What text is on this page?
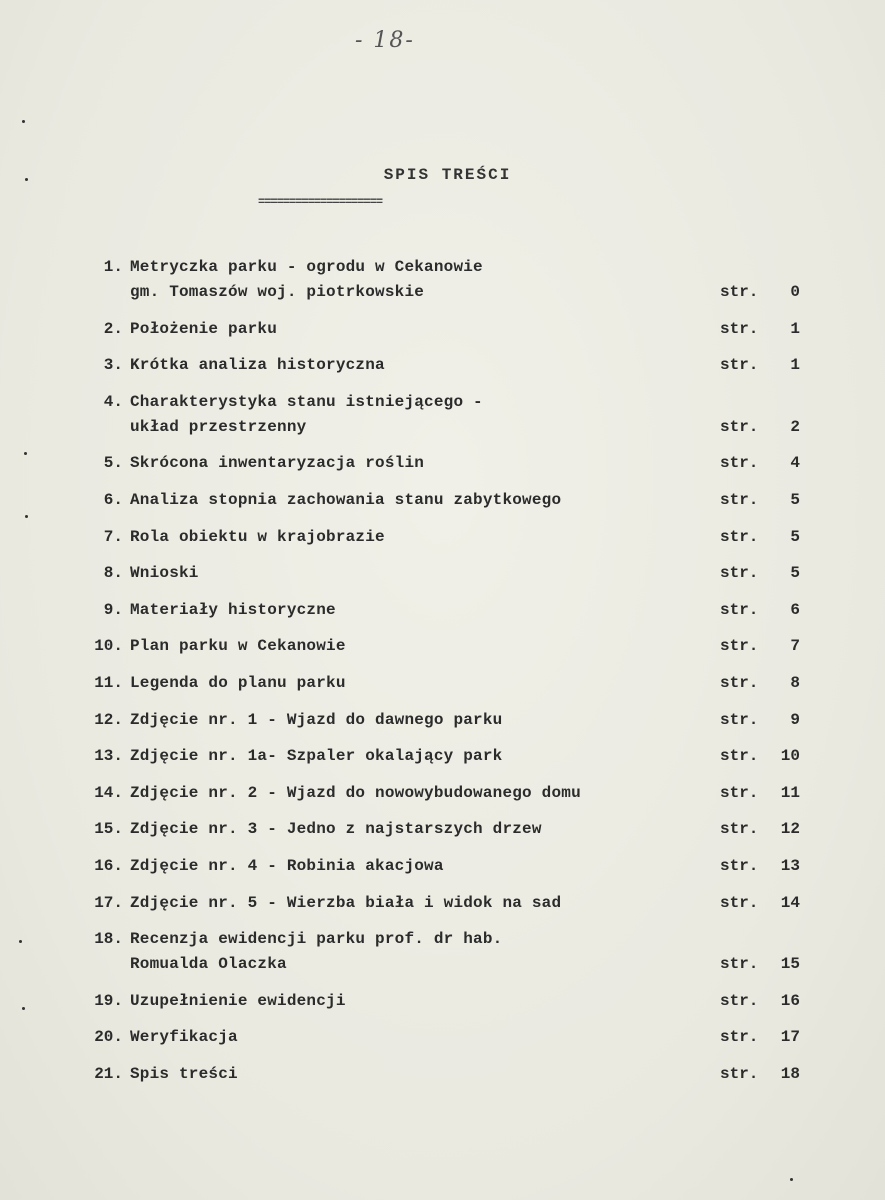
- 18-
SPIS TREŚCI
====================
1. Metryczka parku - ogrodu w Cekanowie
gm. Tomaszów woj. piotrkowskie	str.	0
2. Położenie parku	str.	1
3. Krótka analiza historyczna	str.	1
4. Charakterystyka stanu istniejącego -
układ przestrzenny	str.	2
5. Skrócona inwentaryzacja roślin	str.	4
6. Analiza stopnia zachowania stanu zabytkowego	str.	5
7. Rola obiektu w krajobrazie	str.	5
8. Wnioski	str.	5
9. Materiały historyczne	str.	6
10. Plan parku w Cekanowie	str.	7
11. Legenda do planu parku	str.	8
12. Zdjęcie nr. 1 - Wjazd do dawnego parku	str.	9
13. Zdjęcie nr. 1a- Szpaler okalający park	str.	10
14. Zdjęcie nr. 2 - Wjazd do nowowybudowanego domu	str.	11
15. Zdjęcie nr. 3 - Jedno z najstarszych drzew	str.	12
16. Zdjęcie nr. 4 - Robinia akacjowa	str.	13
17. Zdjęcie nr. 5 - Wierzba biała i widok na sad	str.	14
18. Recenzja ewidencji parku prof. dr hab.
Romualda Olaczka	str.	15
19. Uzupełnienie ewidencji	str.	16
20. Weryfikacja	str.	17
21. Spis treści	str.	18
